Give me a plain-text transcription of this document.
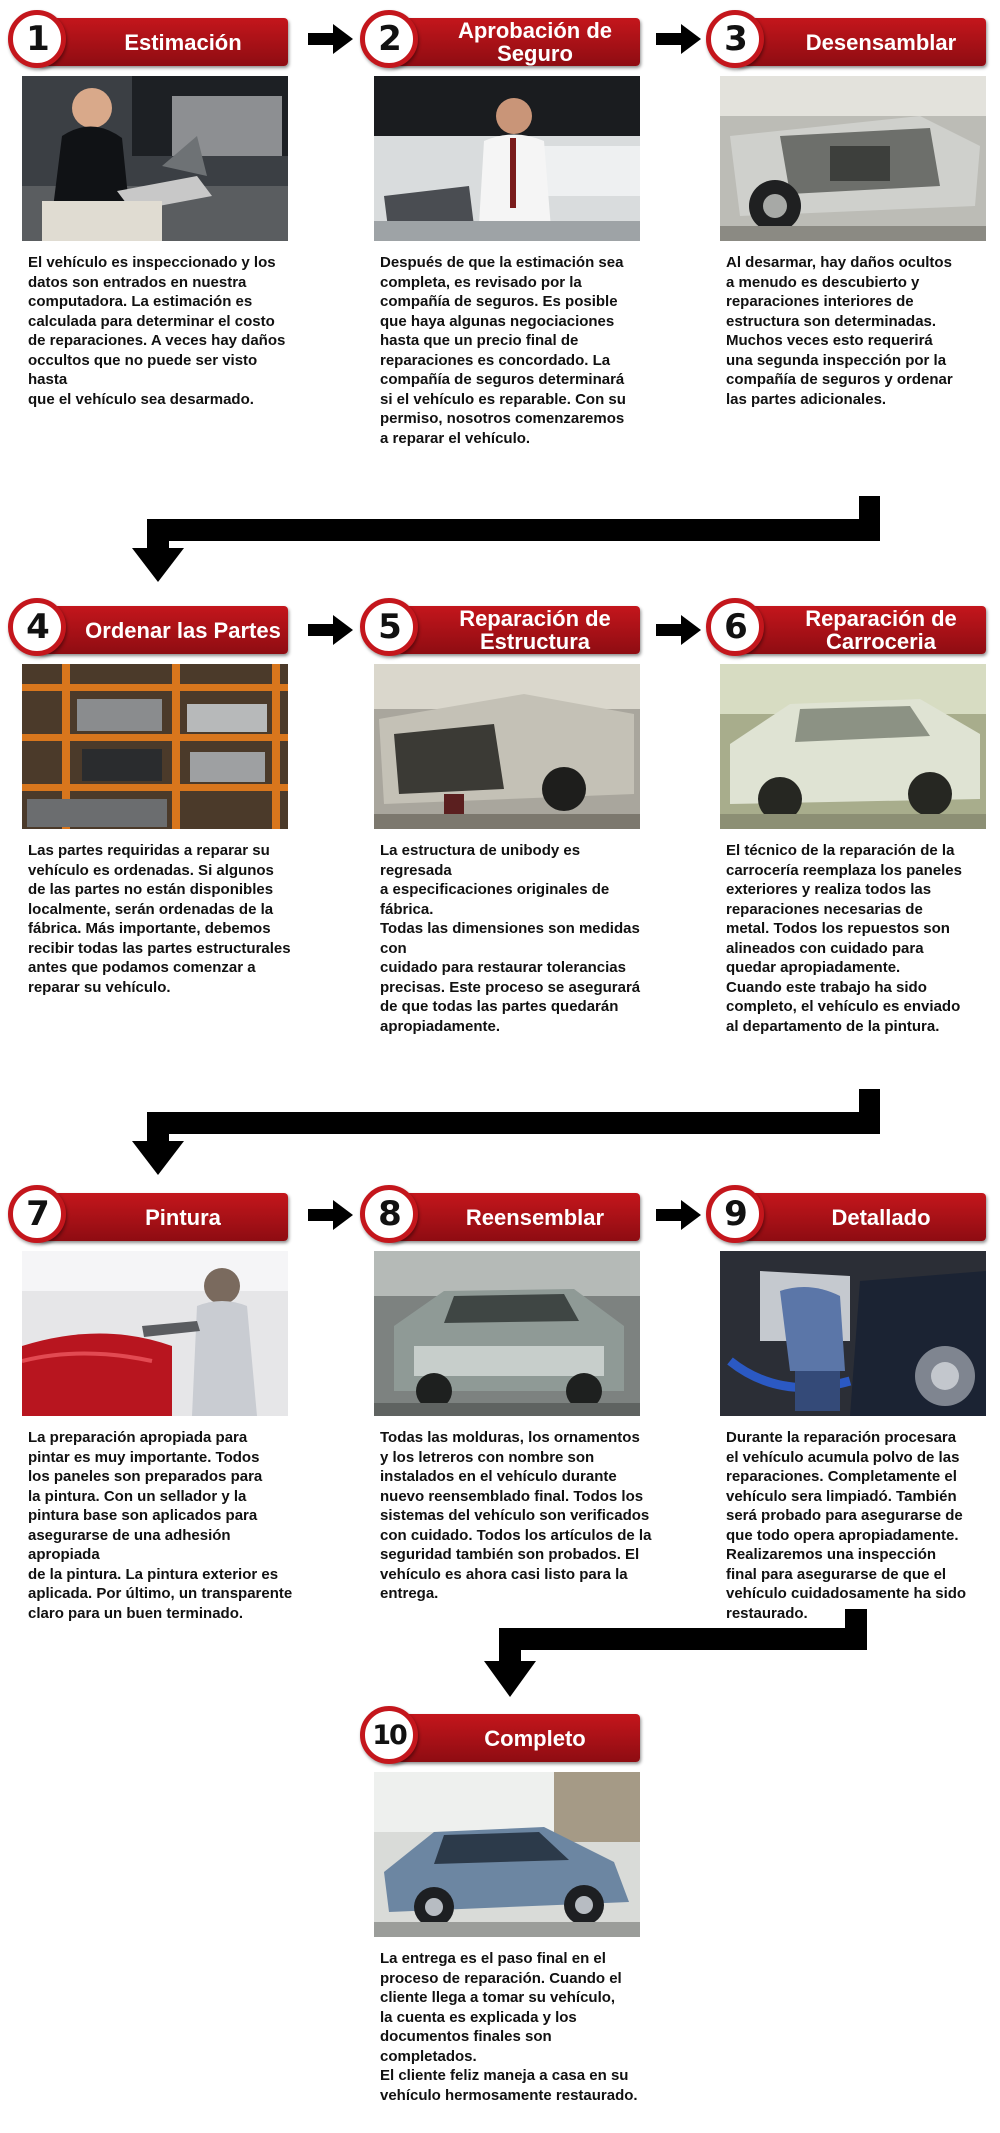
Estimación
1
El vehículo es inspeccionado y los
datos son entrados en nuestra
computadora. La estimación es
calculada para determinar el costo
de reparaciones. A veces hay daños
occultos que no puede ser visto hasta
que el vehículo sea desarmado.
Aprobación de Seguro
2
Después de que la estimación sea
completa, es revisado por la
compañía de seguros. Es posible
que haya algunas negociaciones
hasta que un precio final de
reparaciones es concordado. La
compañía de seguros determinará
si el vehículo es reparable. Con su
permiso, nosotros comenzaremos
a reparar el vehículo.
Desensamblar
3
Al desarmar, hay daños ocultos
a menudo es descubierto y
reparaciones interiores de
estructura son determinadas.
Muchos veces esto requerirá
una segunda inspección por la
compañía de seguros y ordenar
las partes adicionales.
Ordenar las Partes
4
Las partes requiridas a reparar su
vehículo es ordenadas. Si algunos
de las partes no están disponibles
localmente, serán ordenadas de la
fábrica. Más importante, debemos
recibir todas las partes estructurales
antes que podamos comenzar a
reparar su vehículo.
Reparación de Estructura
5
La estructura de unibody es regresada
a especificaciones originales de fábrica.
Todas las dimensiones son medidas con
cuidado para restaurar tolerancias
precisas. Este proceso se asegurará
de que todas las partes quedarán
apropiadamente.
Reparación de Carroceria
6
El técnico de la reparación de la
carrocería reemplaza los paneles
exteriores y realiza todos las
reparaciones necesarias de
metal. Todos los repuestos son
alineados con cuidado para
quedar apropiadamente.
Cuando este trabajo ha sido
completo, el vehículo es enviado
al departamento de la pintura.
Pintura
7
La preparación apropiada para
pintar es muy importante. Todos
los paneles son preparados para
la pintura. Con un sellador y la
pintura base son aplicados para
asegurarse de una adhesión apropiada
de la pintura. La pintura exterior es
aplicada. Por último, un transparente
claro para un buen terminado.
Reensemblar
8
Todas las molduras, los ornamentos
y los letreros con nombre son
instalados en el vehículo durante
nuevo reensemblado final. Todos los
sistemas del vehículo son verificados
con cuidado. Todos los artículos de la
seguridad también son probados. El
vehículo es ahora casi listo para la
entrega.
Detallado
9
Durante la reparación procesara
el vehículo acumula polvo de las
reparaciones. Completamente el
vehículo sera limpiadó. También
será probado para asegurarse de
que todo opera apropiadamente.
Realizaremos una inspección
final para asegurarse de que el
vehículo cuidadosamente ha sido
restaurado.
Completo
10
La entrega es el paso final en el
proceso de reparación. Cuando el
cliente llega a tomar su vehículo,
la cuenta es explicada y los
documentos finales son completados.
El cliente feliz maneja a casa en su
vehículo hermosamente restaurado.
